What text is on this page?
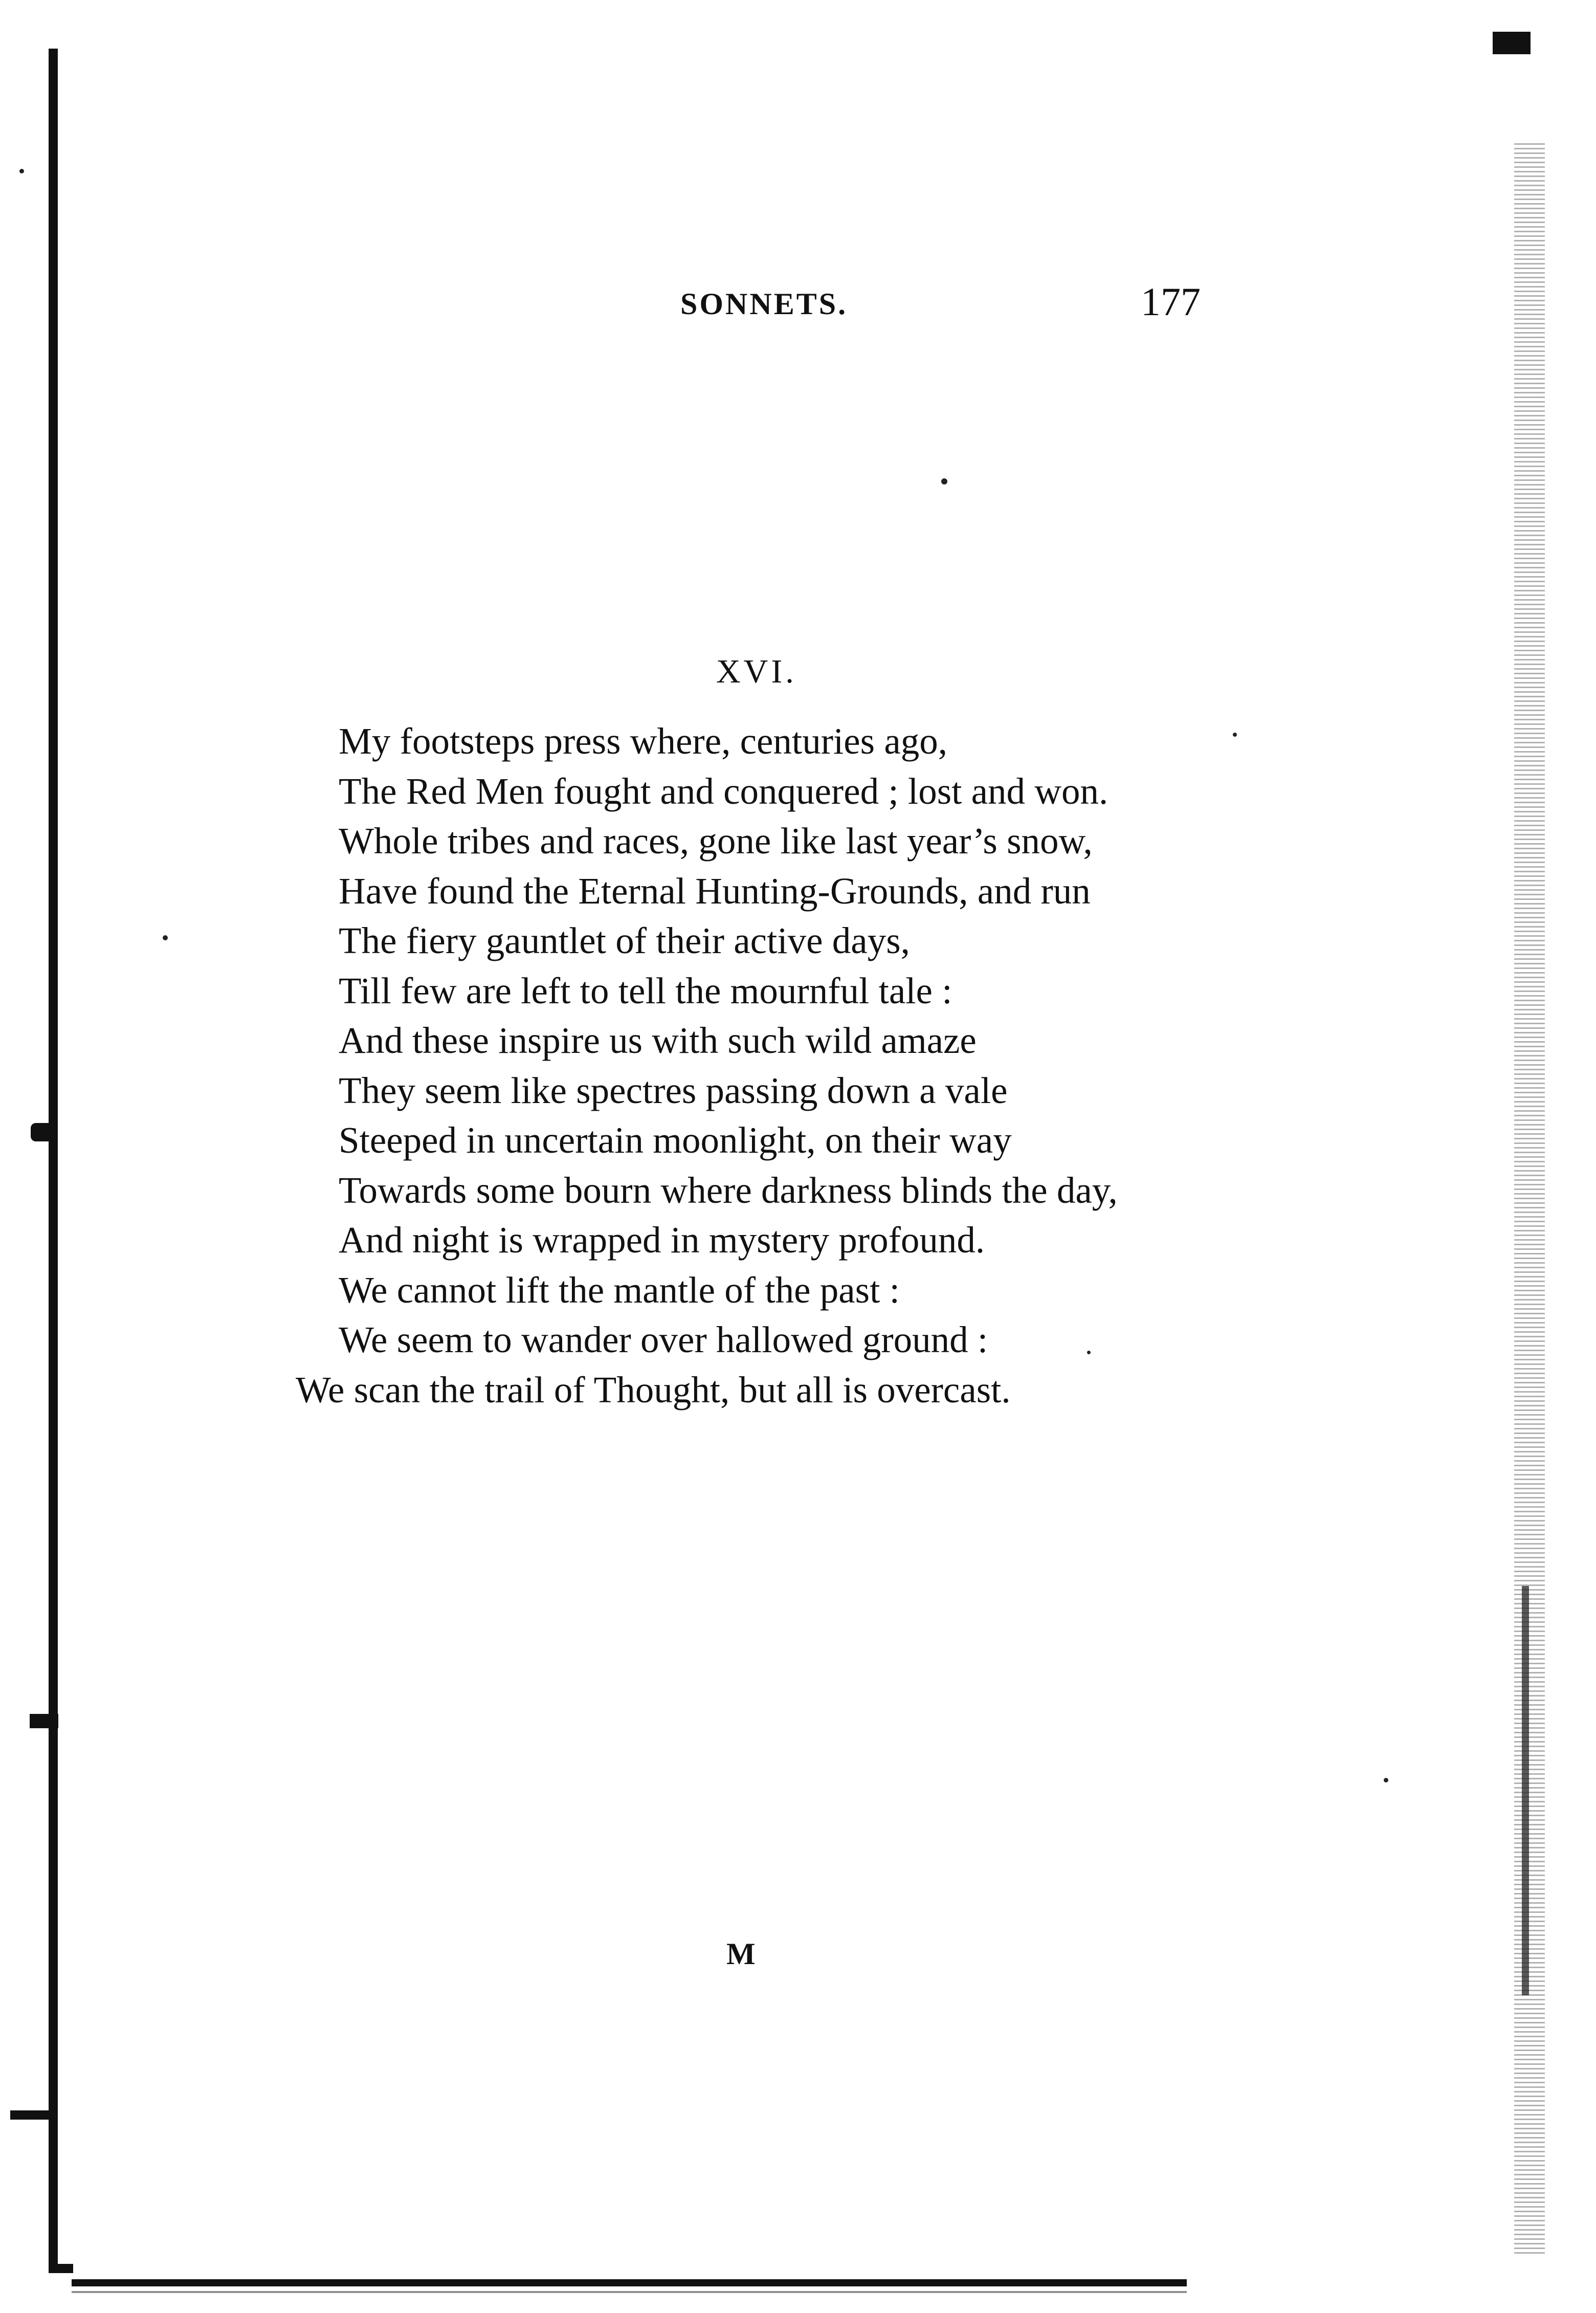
SONNETS.	177
XVI.
My footsteps press where, centuries ago,
The Red Men fought and conquered ; lost and won.
Whole tribes and races, gone like last year’s snow,
Have found the Eternal Hunting-Grounds, and run
The fiery gauntlet of their active days,
Till few are left to tell the mournful tale :
And these inspire us with such wild amaze
They seem like spectres passing down a vale
Steeped in uncertain moonlight, on their way
Towards some bourn where darkness blinds the day,
And night is wrapped in mystery profound.
We cannot lift the mantle of the past :
We seem to wander over hallowed ground :
We scan the trail of Thought, but all is overcast.
M
